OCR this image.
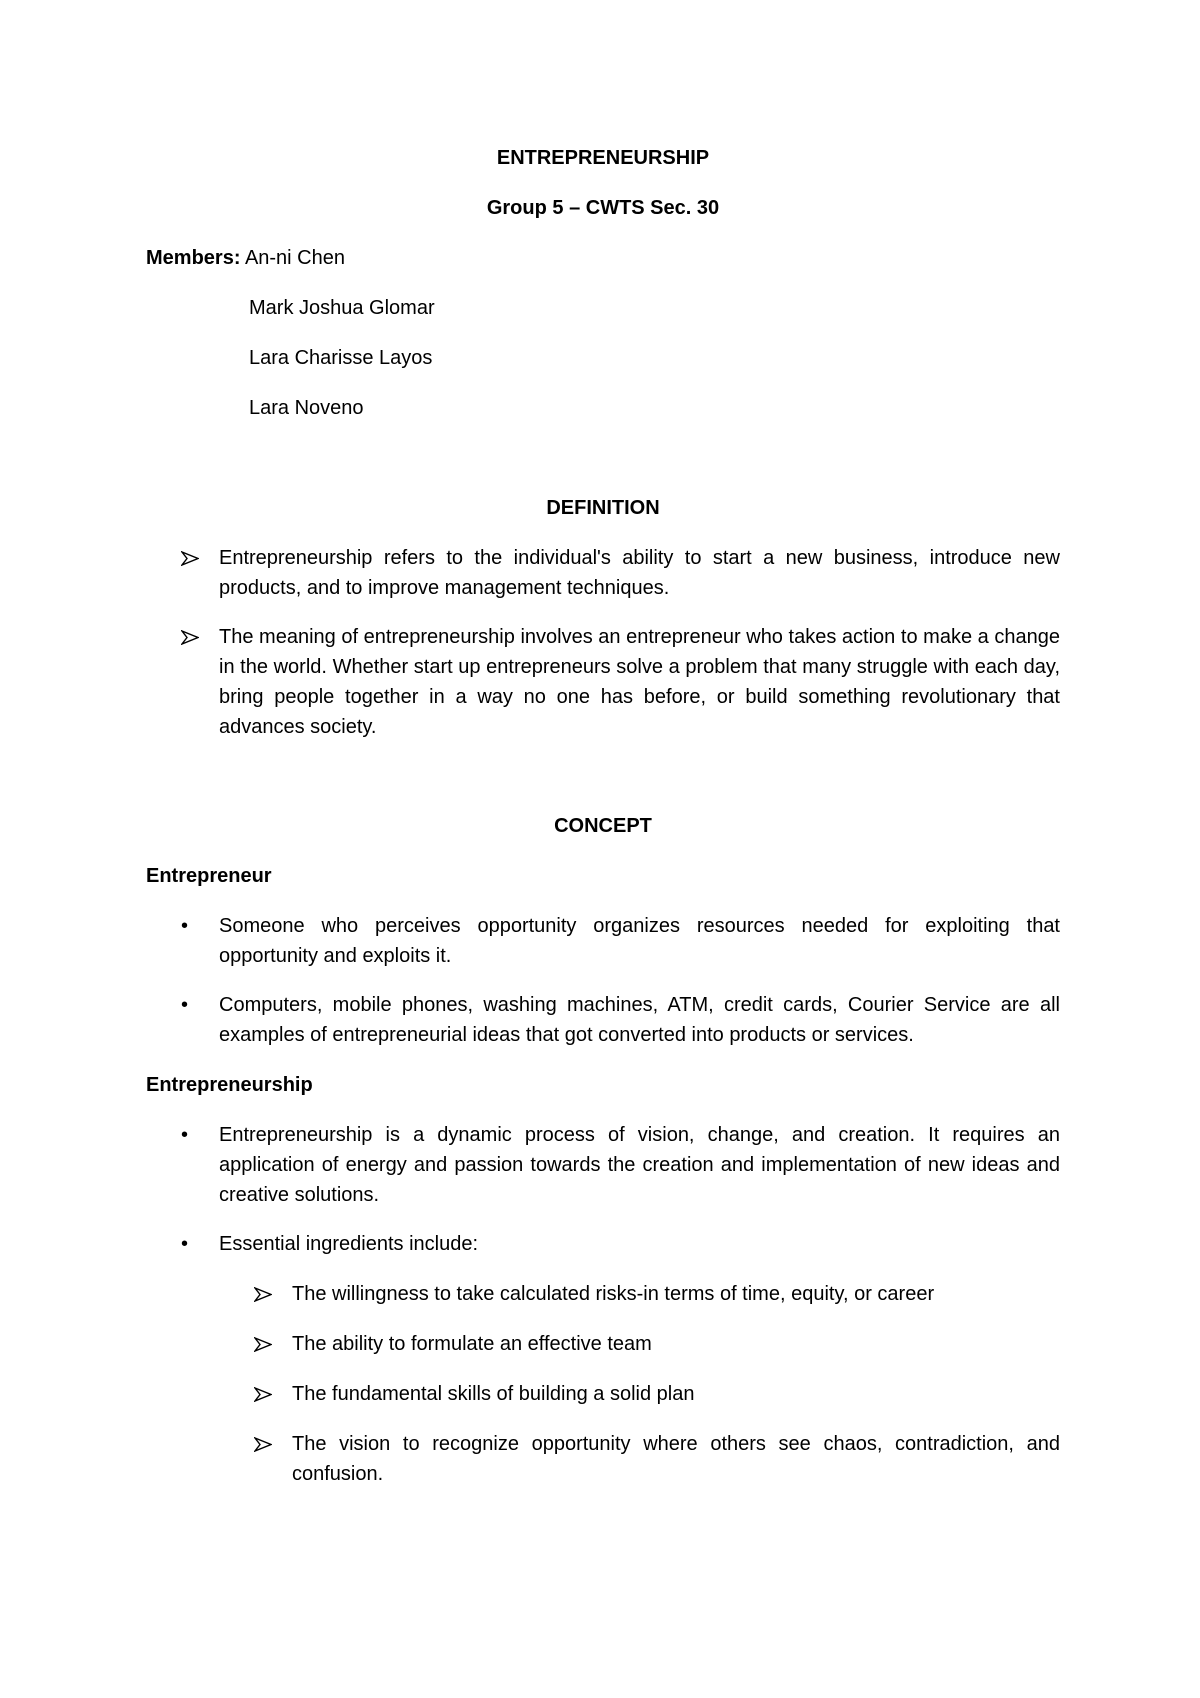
ENTREPRENEURSHIP
Group 5 – CWTS Sec. 30
Members: An-ni Chen
Mark Joshua Glomar
Lara Charisse Layos
Lara Noveno
DEFINITION
Entrepreneurship refers to the individual's ability to start a new business, introduce new products, and to improve management techniques.
The meaning of entrepreneurship involves an entrepreneur who takes action to make a change in the world. Whether start up entrepreneurs solve a problem that many struggle with each day, bring people together in a way no one has before, or build something revolutionary that advances society.
CONCEPT
Entrepreneur
•	Someone who perceives opportunity organizes resources needed for exploiting that opportunity and exploits it.
•	Computers, mobile phones, washing machines, ATM, credit cards, Courier Service are all examples of entrepreneurial ideas that got converted into products or services.
Entrepreneurship
•	Entrepreneurship is a dynamic process of vision, change, and creation. It requires an application of energy and passion towards the creation and implementation of new ideas and creative solutions.
•	Essential ingredients include:
The willingness to take calculated risks-in terms of time, equity, or career
The ability to formulate an effective team
The fundamental skills of building a solid plan
The vision to recognize opportunity where others see chaos, contradiction, and confusion.
